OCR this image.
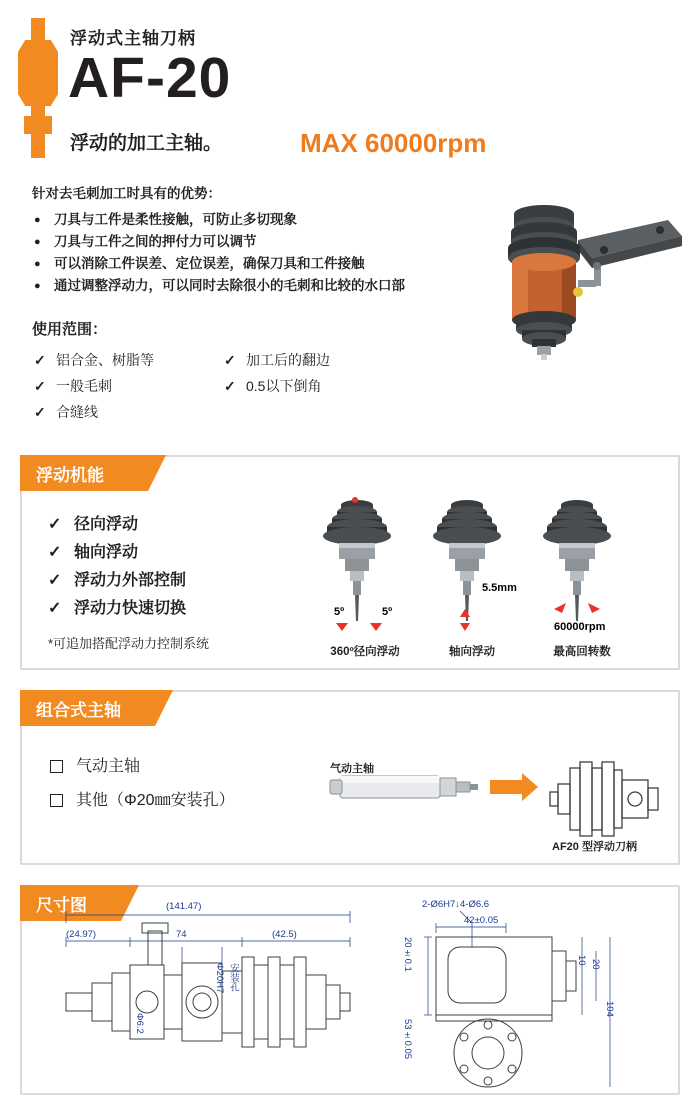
浮动式主轴刀柄
AF-20
浮动的加工主轴。	MAX 60000rpm
针对去毛刺加工时具有的优势：
● 刀具与工件是柔性接触，可防止多切现象
● 刀具与工件之间的押付力可以调节
● 可以消除工件误差、定位误差，确保刀具和工件接触
● 通过调整浮动力，可以同时去除很小的毛刺和比较的水口部
使用范围：
✓ 铝合金、树脂等
✓ 一般毛刺
✓ 合缝线
✓ 加工后的翻边
✓ 0.5以下倒角
浮动机能
✓ 径向浮动
✓ 轴向浮动
✓ 浮动力外部控制
✓ 浮动力快速切换
*可追加搭配浮动力控制系统
5º	5º
5.5mm
60000rpm
360º径向浮动	轴向浮动	最高回转数
组合式主轴
气动主轴
其他（Φ20㎜安装孔）
气动主轴
AF20 型浮动刀柄
尺寸图	(141.47)
(24.97)	74	(42.5)
Φ20H7 安装孔
Φ6.2
2-Ø6H7↓4-Ø6.6
42±0.05
20±0.1
53±0.05
10 20
104
